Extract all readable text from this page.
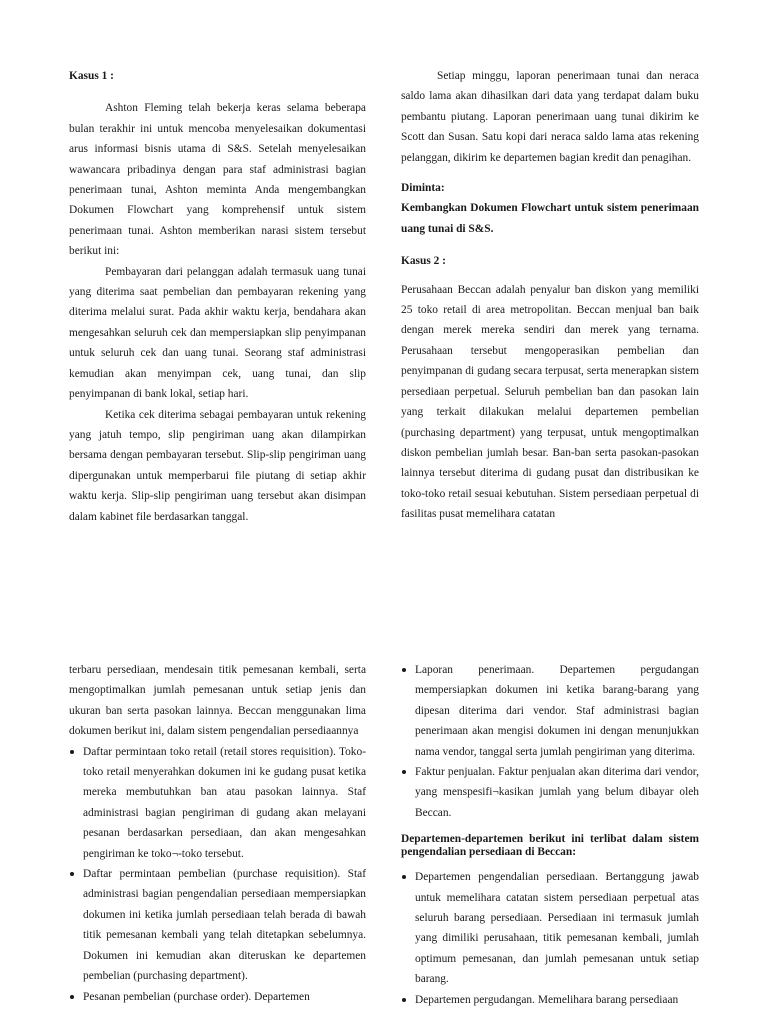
Kasus 1 :

Ashton Fleming telah bekerja keras selama beberapa bulan terakhir ini untuk mencoba menyelesaikan dokumentasi arus informasi bisnis utama di S&S. Setelah menyelesaikan wawancara pribadinya dengan para staf administrasi bagian penerimaan tunai, Ashton meminta Anda mengembangkan Dokumen Flowchart yang komprehensif untuk sistem penerimaan tunai. Ashton memberikan narasi sistem tersebut berikut ini:

Pembayaran dari pelanggan adalah termasuk uang tunai yang diterima saat pembelian dan pembayaran rekening yang diterima melalui surat. Pada akhir waktu kerja, bendahara akan mengesahkan seluruh cek dan mempersiapkan slip penyimpanan untuk seluruh cek dan uang tunai. Seorang staf administrasi kemudian akan menyimpan cek, uang tunai, dan slip penyimpanan di bank lokal, setiap hari.

Ketika cek diterima sebagai pembayaran untuk rekening yang jatuh tempo, slip pengiriman uang akan dilampirkan bersama dengan pembayaran tersebut. Slip-slip pengiriman uang dipergunakan untuk memperbarui file piutang di setiap akhir waktu kerja. Slip-slip pengiriman uang tersebut akan disimpan dalam kabinet file berdasarkan tanggal.

Setiap minggu, laporan penerimaan tunai dan neraca saldo lama akan dihasilkan dari data yang terdapat dalam buku pembantu piutang. Laporan penerimaan uang tunai dikirim ke Scott dan Susan. Satu kopi dari neraca saldo lama atas rekening pelanggan, dikirim ke departemen bagian kredit dan penagihan.

Diminta:

Kembangkan Dokumen Flowchart untuk sistem penerimaan uang tunai di S&S.

Kasus 2 :

Perusahaan Beccan adalah penyalur ban diskon yang memiliki 25 toko retail di area metropolitan. Beccan menjual ban baik dengan merek mereka sendiri dan merek yang ternama. Perusahaan tersebut mengoperasikan pembelian dan penyimpanan di gudang secara terpusat, serta menerapkan sistem persediaan perpetual. Seluruh pembelian ban dan pasokan lain yang terkait dilakukan melalui departemen pembelian (purchasing department) yang terpusat, untuk mengoptimalkan diskon pembelian jumlah besar. Ban-ban serta pasokan-pasokan lainnya tersebut diterima di gudang pusat dan distribusikan ke toko-toko retail sesuai kebutuhan. Sistem persediaan perpetual di fasilitas pusat memelihara catatan

terbaru persediaan, mendesain titik pemesanan kembali, serta mengoptimalkan jumlah pemesanan untuk setiap jenis dan ukuran ban serta pasokan lainnya. Beccan menggunakan lima dokumen berikut ini, dalam sistem pengendalian persediaannya

Daftar permintaan toko retail (retail stores requisition). Toko-toko retail menyerahkan dokumen ini ke gudang pusat ketika mereka membutuhkan ban atau pasokan lainnya. Staf administrasi bagian pengiriman di gudang akan melayani pesanan berdasarkan persediaan, dan akan mengesahkan pengiriman ke toko¬-toko tersebut.
Daftar permintaan pembelian (purchase requisition). Staf administrasi bagian pengendalian persediaan mempersiapkan dokumen ini ketika jumlah persediaan telah berada di bawah titik pemesanan kembali yang telah ditetapkan sebelumnya. Dokumen ini kemudian akan diteruskan ke departemen pembelian (purchasing department).
Pesanan pembelian (purchase order). Departemen
Laporan penerimaan. Departemen pergudangan mempersiapkan dokumen ini ketika barang-barang yang dipesan diterima dari vendor. Staf administrasi bagian penerimaan akan mengisi dokumen ini dengan menunjukkan nama vendor, tanggal serta jumlah pengiriman yang diterima.
Faktur penjualan. Faktur penjualan akan diterima dari vendor, yang menspesifi¬kasikan jumlah yang belum dibayar oleh Beccan.

Departemen-departemen berikut ini terlibat dalam sistem pengendalian persediaan di Beccan:

Departemen pengendalian persediaan. Bertanggung jawab untuk memelihara catatan sistem persediaan perpetual atas seluruh barang persediaan. Persediaan ini termasuk jumlah yang dimiliki perusahaan, titik pemesanan kembali, jumlah optimum pemesanan, dan jumlah pemesanan untuk setiap barang.
Departemen pergudangan. Memelihara barang persediaan
